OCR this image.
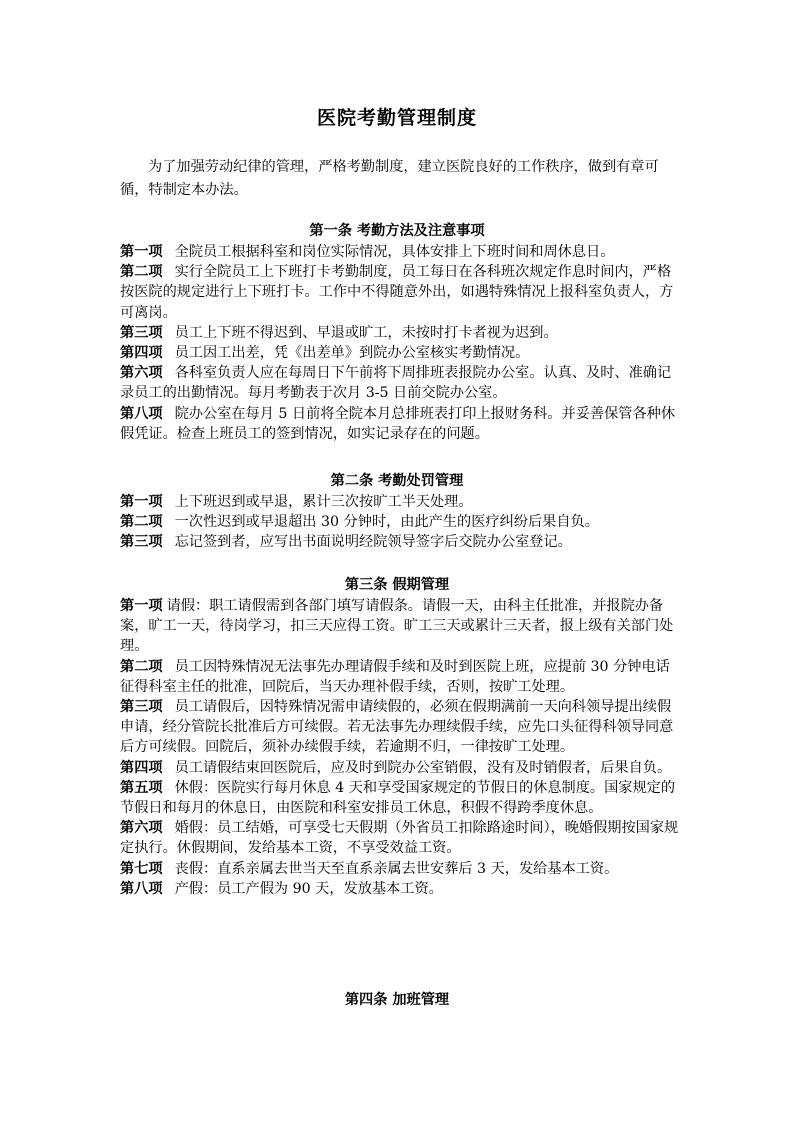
医院考勤管理制度

为了加强劳动纪律的管理，严格考勤制度，建立医院良好的工作秩序，做到有章可循，特制定本办法。

第一条 考勤方法及注意事项

第一项 全院员工根据科室和岗位实际情况，具体安排上下班时间和周休息日。

第二项 实行全院员工上下班打卡考勤制度，员工每日在各科班次规定作息时间内，严格按医院的规定进行上下班打卡。工作中不得随意外出，如遇特殊情况上报科室负责人，方可离岗。

第三项 员工上下班不得迟到、早退或旷工，未按时打卡者视为迟到。

第四项 员工因工出差，凭《出差单》到院办公室核实考勤情况。

第六项 各科室负责人应在每周日下午前将下周排班表报院办公室。认真、及时、准确记录员工的出勤情况。每月考勤表于次月 3-5 日前交院办公室。

第八项 院办公室在每月 5 日前将全院本月总排班表打印上报财务科。并妥善保管各种休假凭证。检查上班员工的签到情况，如实记录存在的问题。

第二条 考勤处罚管理

第一项 上下班迟到或早退，累计三次按旷工半天处理。

第二项 一次性迟到或早退超出 30 分钟时，由此产生的医疗纠纷后果自负。

第三项 忘记签到者，应写出书面说明经院领导签字后交院办公室登记。

第三条 假期管理

第一项 请假：职工请假需到各部门填写请假条。请假一天，由科主任批准，并报院办备案，旷工一天，待岗学习，扣三天应得工资。旷工三天或累计三天者，报上级有关部门处理。

第二项 员工因特殊情况无法事先办理请假手续和及时到医院上班，应提前 30 分钟电话征得科室主任的批准，回院后，当天办理补假手续，否则，按旷工处理。

第三项 员工请假后，因特殊情况需申请续假的，必须在假期满前一天向科领导提出续假申请，经分管院长批准后方可续假。若无法事先办理续假手续，应先口头征得科领导同意后方可续假。回院后，须补办续假手续，若逾期不归，一律按旷工处理。

第四项 员工请假结束回医院后，应及时到院办公室销假，没有及时销假者，后果自负。

第五项 休假：医院实行每月休息 4 天和享受国家规定的节假日的休息制度。国家规定的节假日和每月的休息日，由医院和科室安排员工休息，积假不得跨季度休息。

第六项 婚假：员工结婚，可享受七天假期（外省员工扣除路途时间），晚婚假期按国家规定执行。休假期间，发给基本工资，不享受效益工资。

第七项 丧假：直系亲属去世当天至直系亲属去世安葬后 3 天，发给基本工资。

第八项 产假：员工产假为 90 天，发放基本工资。

第四条 加班管理
